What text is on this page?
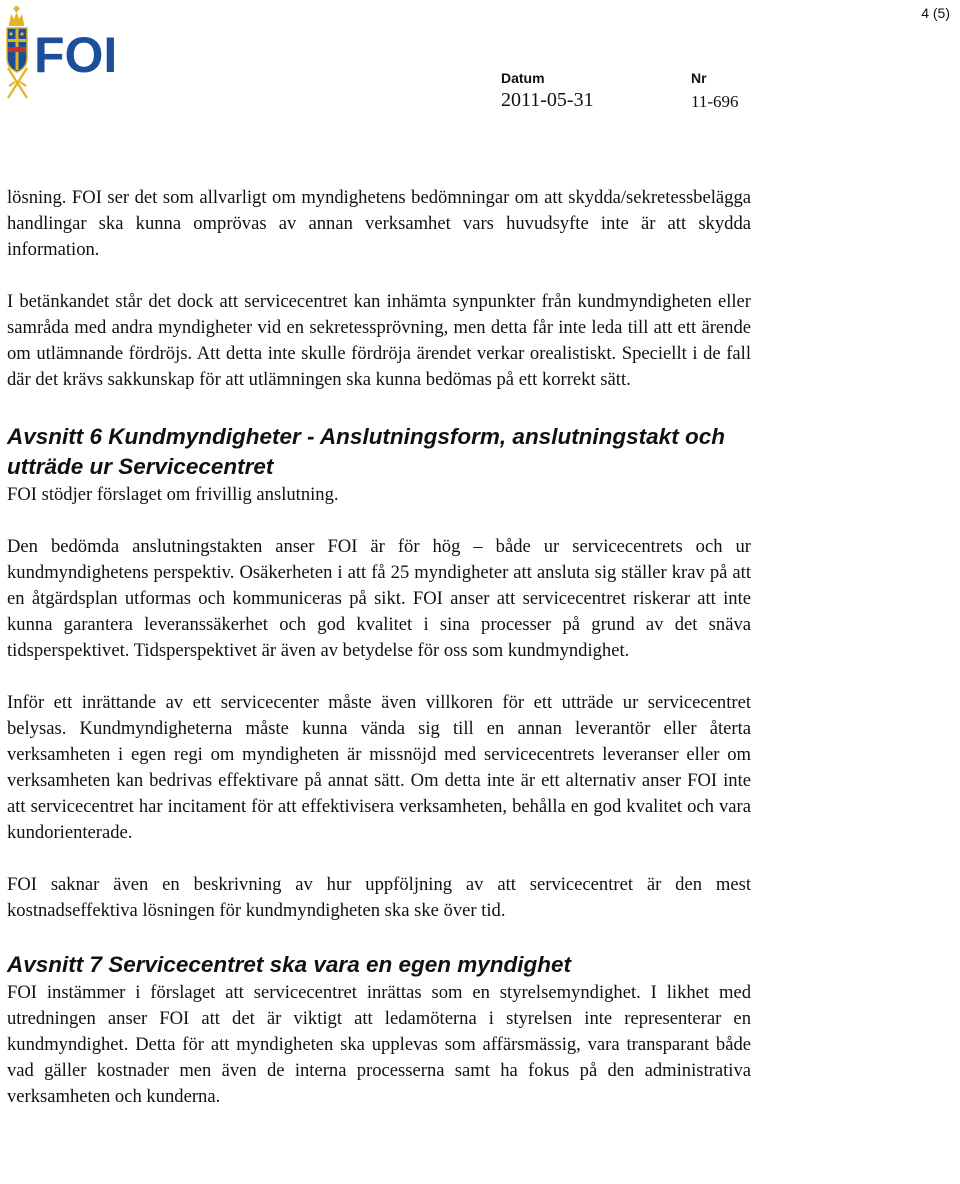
4 (5)
FOI	Datum
2011-05-31
Nr
11-696

lösning. FOI ser det som allvarligt om myndighetens bedömningar om att skydda/sekretessbelägga handlingar ska kunna omprövas av annan verksamhet vars huvudsyfte inte är att skydda information.

I betänkandet står det dock att servicecentret kan inhämta synpunkter från kundmyndigheten eller samråda med andra myndigheter vid en sekretessprövning, men detta får inte leda till att ett ärende om utlämnande fördröjs. Att detta inte skulle fördröja ärendet verkar orealistiskt. Speciellt i de fall där det krävs sakkunskap för att utlämningen ska kunna bedömas på ett korrekt sätt.

Avsnitt 6 Kundmyndigheter - Anslutningsform, anslutningstakt och utträde ur Servicecentret

FOI stödjer förslaget om frivillig anslutning.

Den bedömda anslutningstakten anser FOI är för hög – både ur servicecentrets och ur kundmyndighetens perspektiv. Osäkerheten i att få 25 myndigheter att ansluta sig ställer krav på att en åtgärdsplan utformas och kommuniceras på sikt. FOI anser att servicecentret riskerar att inte kunna garantera leveranssäkerhet och god kvalitet i sina processer på grund av det snäva tidsperspektivet. Tidsperspektivet är även av betydelse för oss som kundmyndighet.

Inför ett inrättande av ett servicecenter måste även villkoren för ett utträde ur servicecentret belysas. Kundmyndigheterna måste kunna vända sig till en annan leverantör eller återta verksamheten i egen regi om myndigheten är missnöjd med servicecentrets leveranser eller om verksamheten kan bedrivas effektivare på annat sätt. Om detta inte är ett alternativ anser FOI inte att servicecentret har incitament för att effektivisera verksamheten, behålla en god kvalitet och vara kundorienterade.

FOI saknar även en beskrivning av hur uppföljning av att servicecentret är den mest kostnadseffektiva lösningen för kundmyndigheten ska ske över tid.

Avsnitt 7 Servicecentret ska vara en egen myndighet

FOI instämmer i förslaget att servicecentret inrättas som en styrelsemyndighet. I likhet med utredningen anser FOI att det är viktigt att ledamöterna i styrelsen inte representerar en kundmyndighet. Detta för att myndigheten ska upplevas som affärsmässig, vara transparant både vad gäller kostnader men även de interna processerna samt ha fokus på den administrativa verksamheten och kunderna.
